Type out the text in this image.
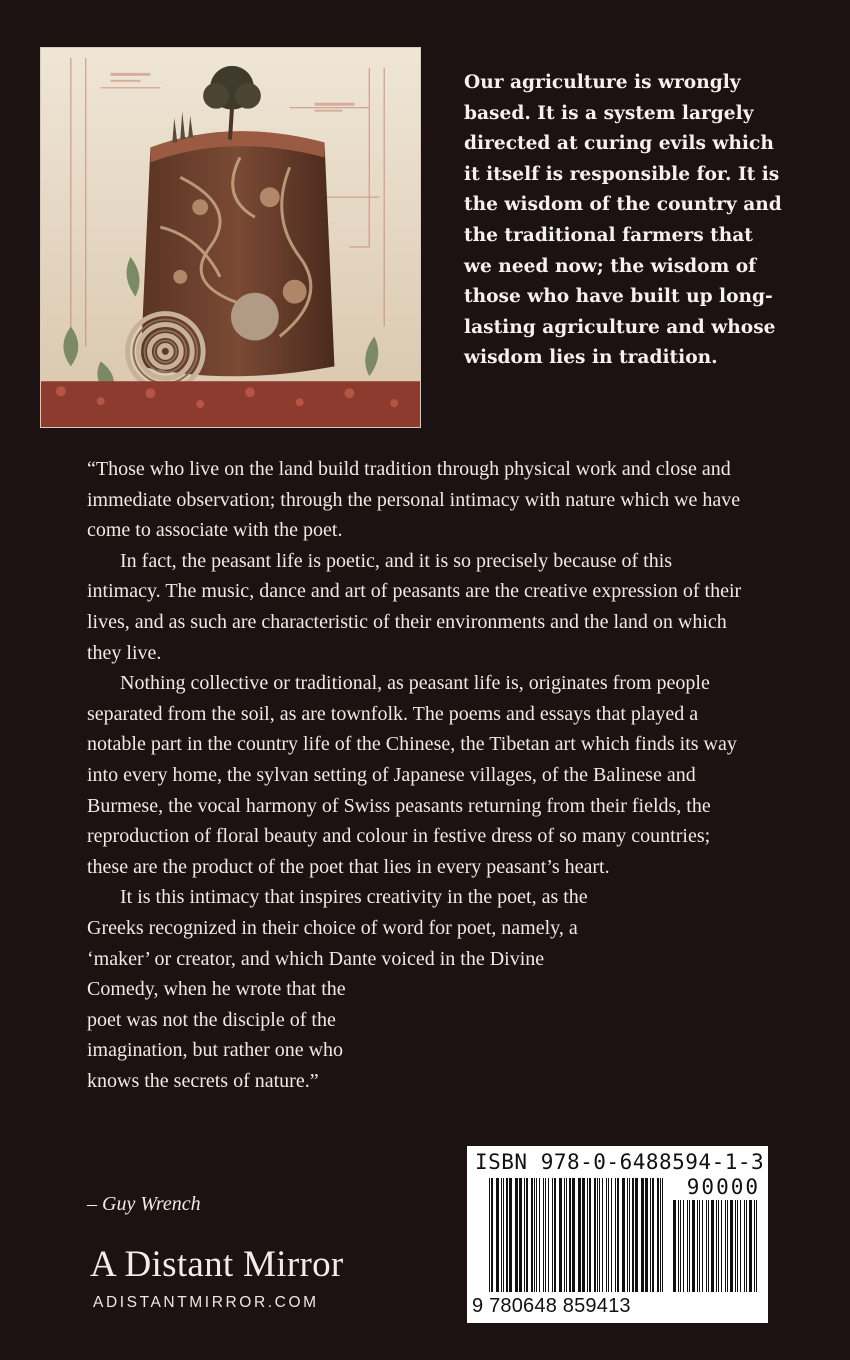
Our agriculture is wrongly based. It is a system largely directed at curing evils which it itself is responsible for. It is the wisdom of the country and the traditional farmers that we need now; the wisdom of those who have built up long-lasting agriculture and whose wisdom lies in tradition.

“Those who live on the land build tradition through physical work and close and immediate observation; through the personal intimacy with nature which we have come to associate with the poet.

In fact, the peasant life is poetic, and it is so precisely because of this intimacy. The music, dance and art of peasants are the creative expression of their lives, and as such are characteristic of their environments and the land on which they live.

Nothing collective or traditional, as peasant life is, originates from people separated from the soil, as are townfolk. The poems and essays that played a notable part in the country life of the Chinese, the Tibetan art which finds its way into every home, the sylvan setting of Japanese villages, of the Balinese and Burmese, the vocal harmony of Swiss peasants returning from their fields, the reproduction of floral beauty and colour in festive dress of so many countries; these are the product of the poet that lies in every peasant’s heart.

It is this intimacy that inspires creativity in the poet, as the

Greeks recognized in their choice of word for poet, namely, a

‘maker’ or creator, and which Dante voiced in the Divine

Comedy, when he wrote that the

poet was not the disciple of the

imagination, but rather one who

knows the secrets of nature.”

– Guy Wrench
A Distant Mirror
ADISTANTMIRROR.COM
ISBN 978-0-6488594-1-3
90000
9 780648 859413
